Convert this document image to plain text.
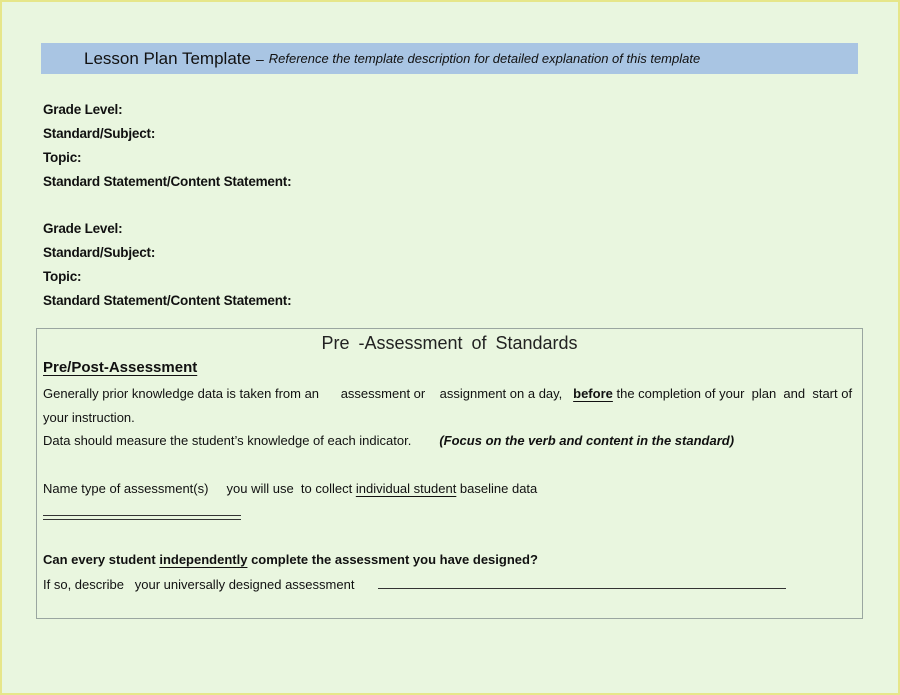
Lesson Plan Template – Reference the template description for detailed explanation of this template
Grade Level:
Standard/Subject:
Topic:
Standard Statement/Content Statement:
Grade Level:
Standard/Subject:
Topic:
Standard Statement/Content Statement:
Pre -Assessment of Standards
Pre/Post-Assessment
Generally prior knowledge data is taken from an      assessment or    assignment on a day,   before the completion of your  plan  and  start of
your instruction.
Data should measure the student’s knowledge of each indicator. (Focus on the verb and content in the standard)
Name type of assessment(s)     you will use  to collect individual student baseline data
Can every student independently complete the assessment you have designed?
If so, describe   your universally designed assessment
